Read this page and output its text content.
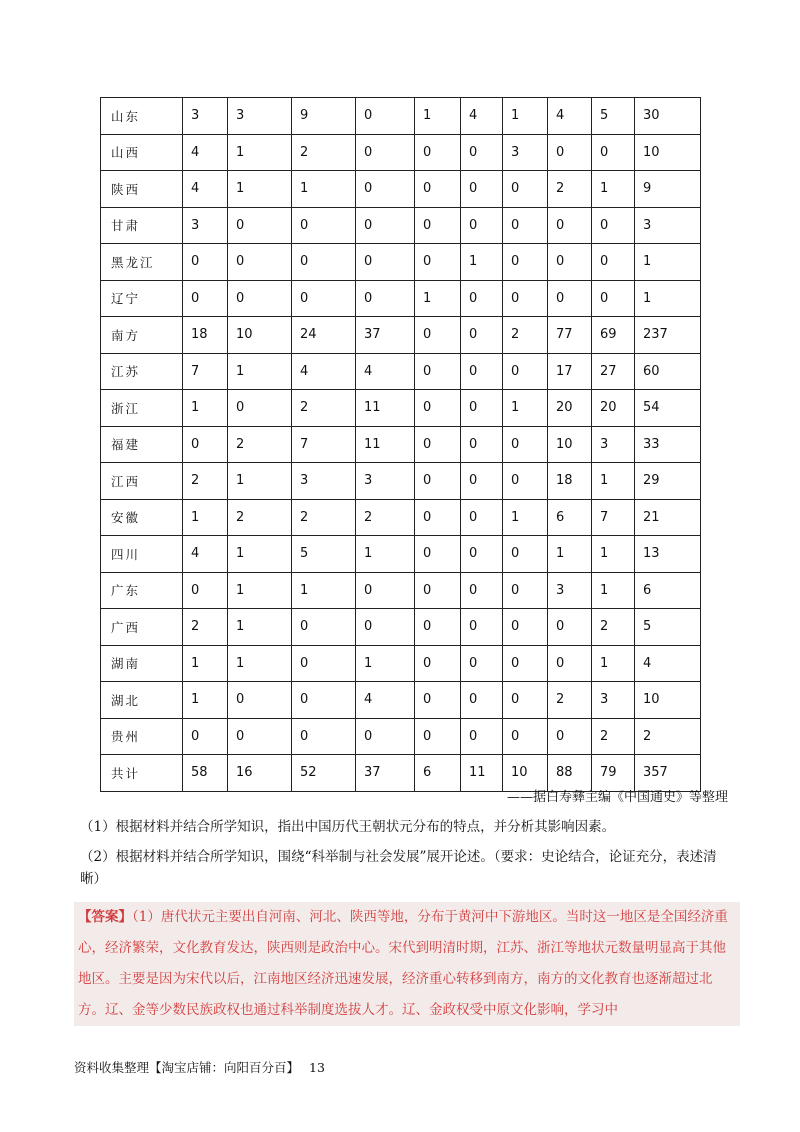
山东	3	3	9	0	1	4	1	4	5	30
山西	4	1	2	0	0	0	3	0	0	10
陕西	4	1	1	0	0	0	0	2	1	9
甘肃	3	0	0	0	0	0	0	0	0	3
黑龙江	0	0	0	0	0	1	0	0	0	1
辽宁	0	0	0	0	1	0	0	0	0	1
南方	18	10	24	37	0	0	2	77	69	237
江苏	7	1	4	4	0	0	0	17	27	60
浙江	1	0	2	11	0	0	1	20	20	54
福建	0	2	7	11	0	0	0	10	3	33
江西	2	1	3	3	0	0	0	18	1	29
安徽	1	2	2	2	0	0	1	6	7	21
四川	4	1	5	1	0	0	0	1	1	13
广东	0	1	1	0	0	0	0	3	1	6
广西	2	1	0	0	0	0	0	0	2	5
湖南	1	1	0	1	0	0	0	0	1	4
湖北	1	0	0	4	0	0	0	2	3	10
贵州	0	0	0	0	0	0	0	0	2	2
共计	58	16	52	37	6	11	10	88	79	357
——据白寿彝主编《中国通史》等整理
（1）根据材料并结合所学知识，指出中国历代王朝状元分布的特点，并分析其影响因素。
（2）根据材料并结合所学知识，围绕“科举制与社会发展”展开论述。（要求：史论结合，论证充分，表述清晰）
【答案】（1）唐代状元主要出自河南、河北、陕西等地，分布于黄河中下游地区。当时这一地区是全国经济重心，经济繁荣，文化教育发达，陕西则是政治中心。宋代到明清时期，江苏、浙江等地状元数量明显高于其他地区。主要是因为宋代以后，江南地区经济迅速发展，经济重心转移到南方，南方的文化教育也逐渐超过北方。辽、金等少数民族政权也通过科举制度选拔人才。辽、金政权受中原文化影响，学习中
资料收集整理【淘宝店铺：向阳百分百】 13
